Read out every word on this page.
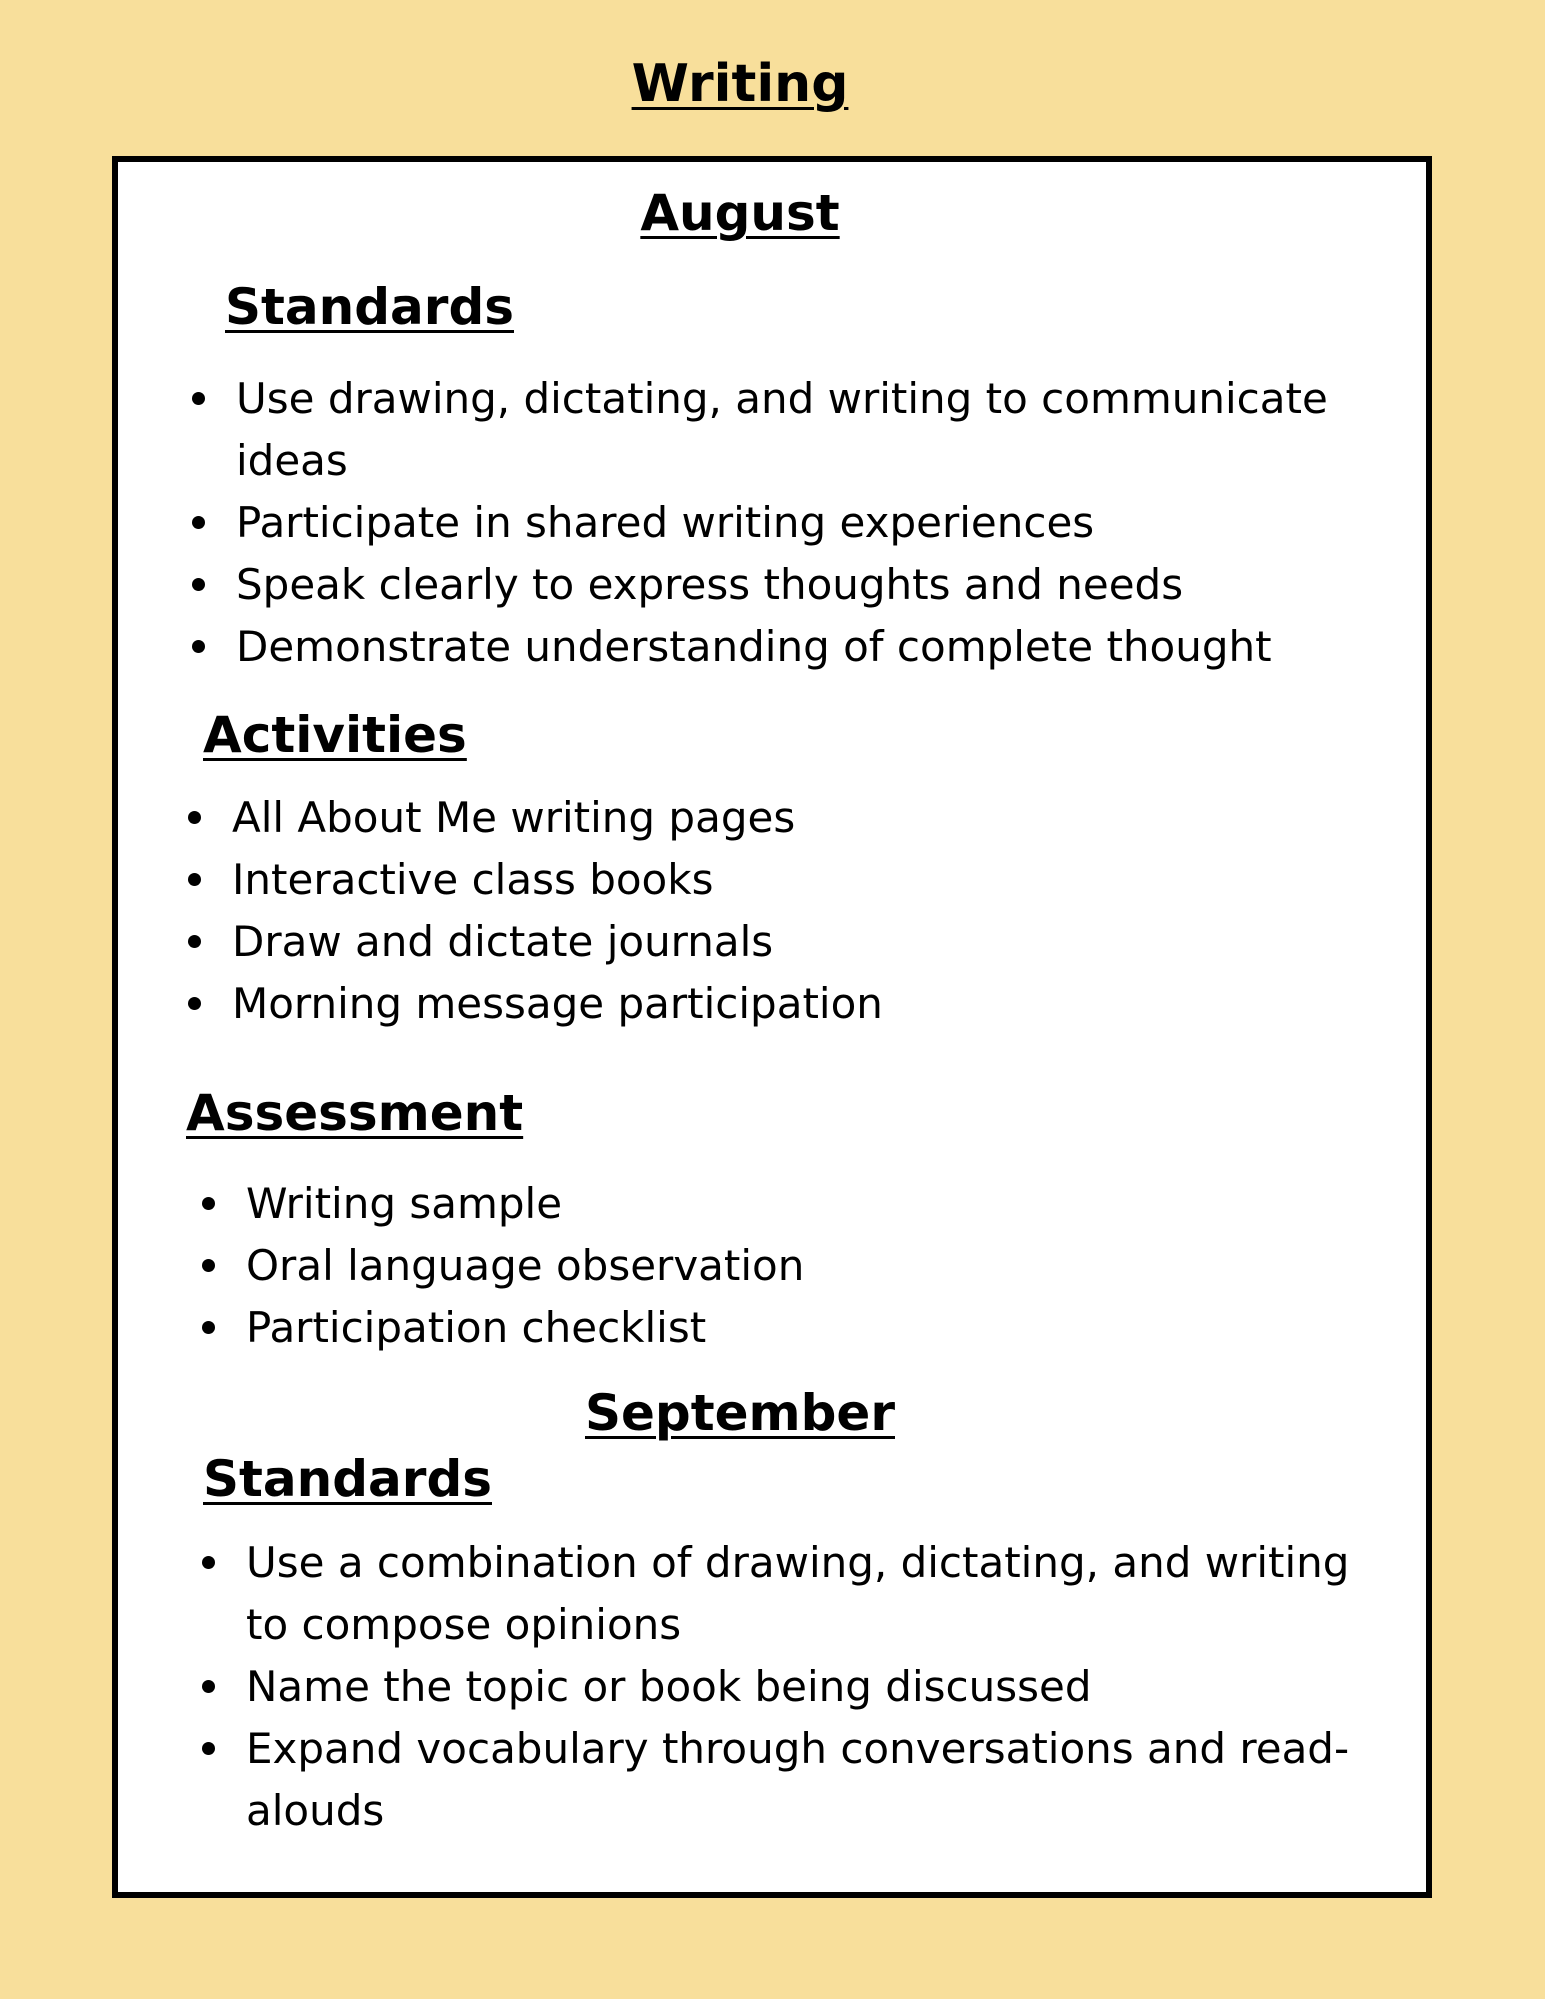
Writing
August
Standards
Use drawing, dictating, and writing to communicate ideas
Participate in shared writing experiences
Speak clearly to express thoughts and needs
Demonstrate understanding of complete thought
Activities
All About Me writing pages
Interactive class books
Draw and dictate journals
Morning message participation
Assessment
Writing sample
Oral language observation
Participation checklist
September
Standards
Use a combination of drawing, dictating, and writing to compose opinions
Name the topic or book being discussed
Expand vocabulary through conversations and read-alouds
